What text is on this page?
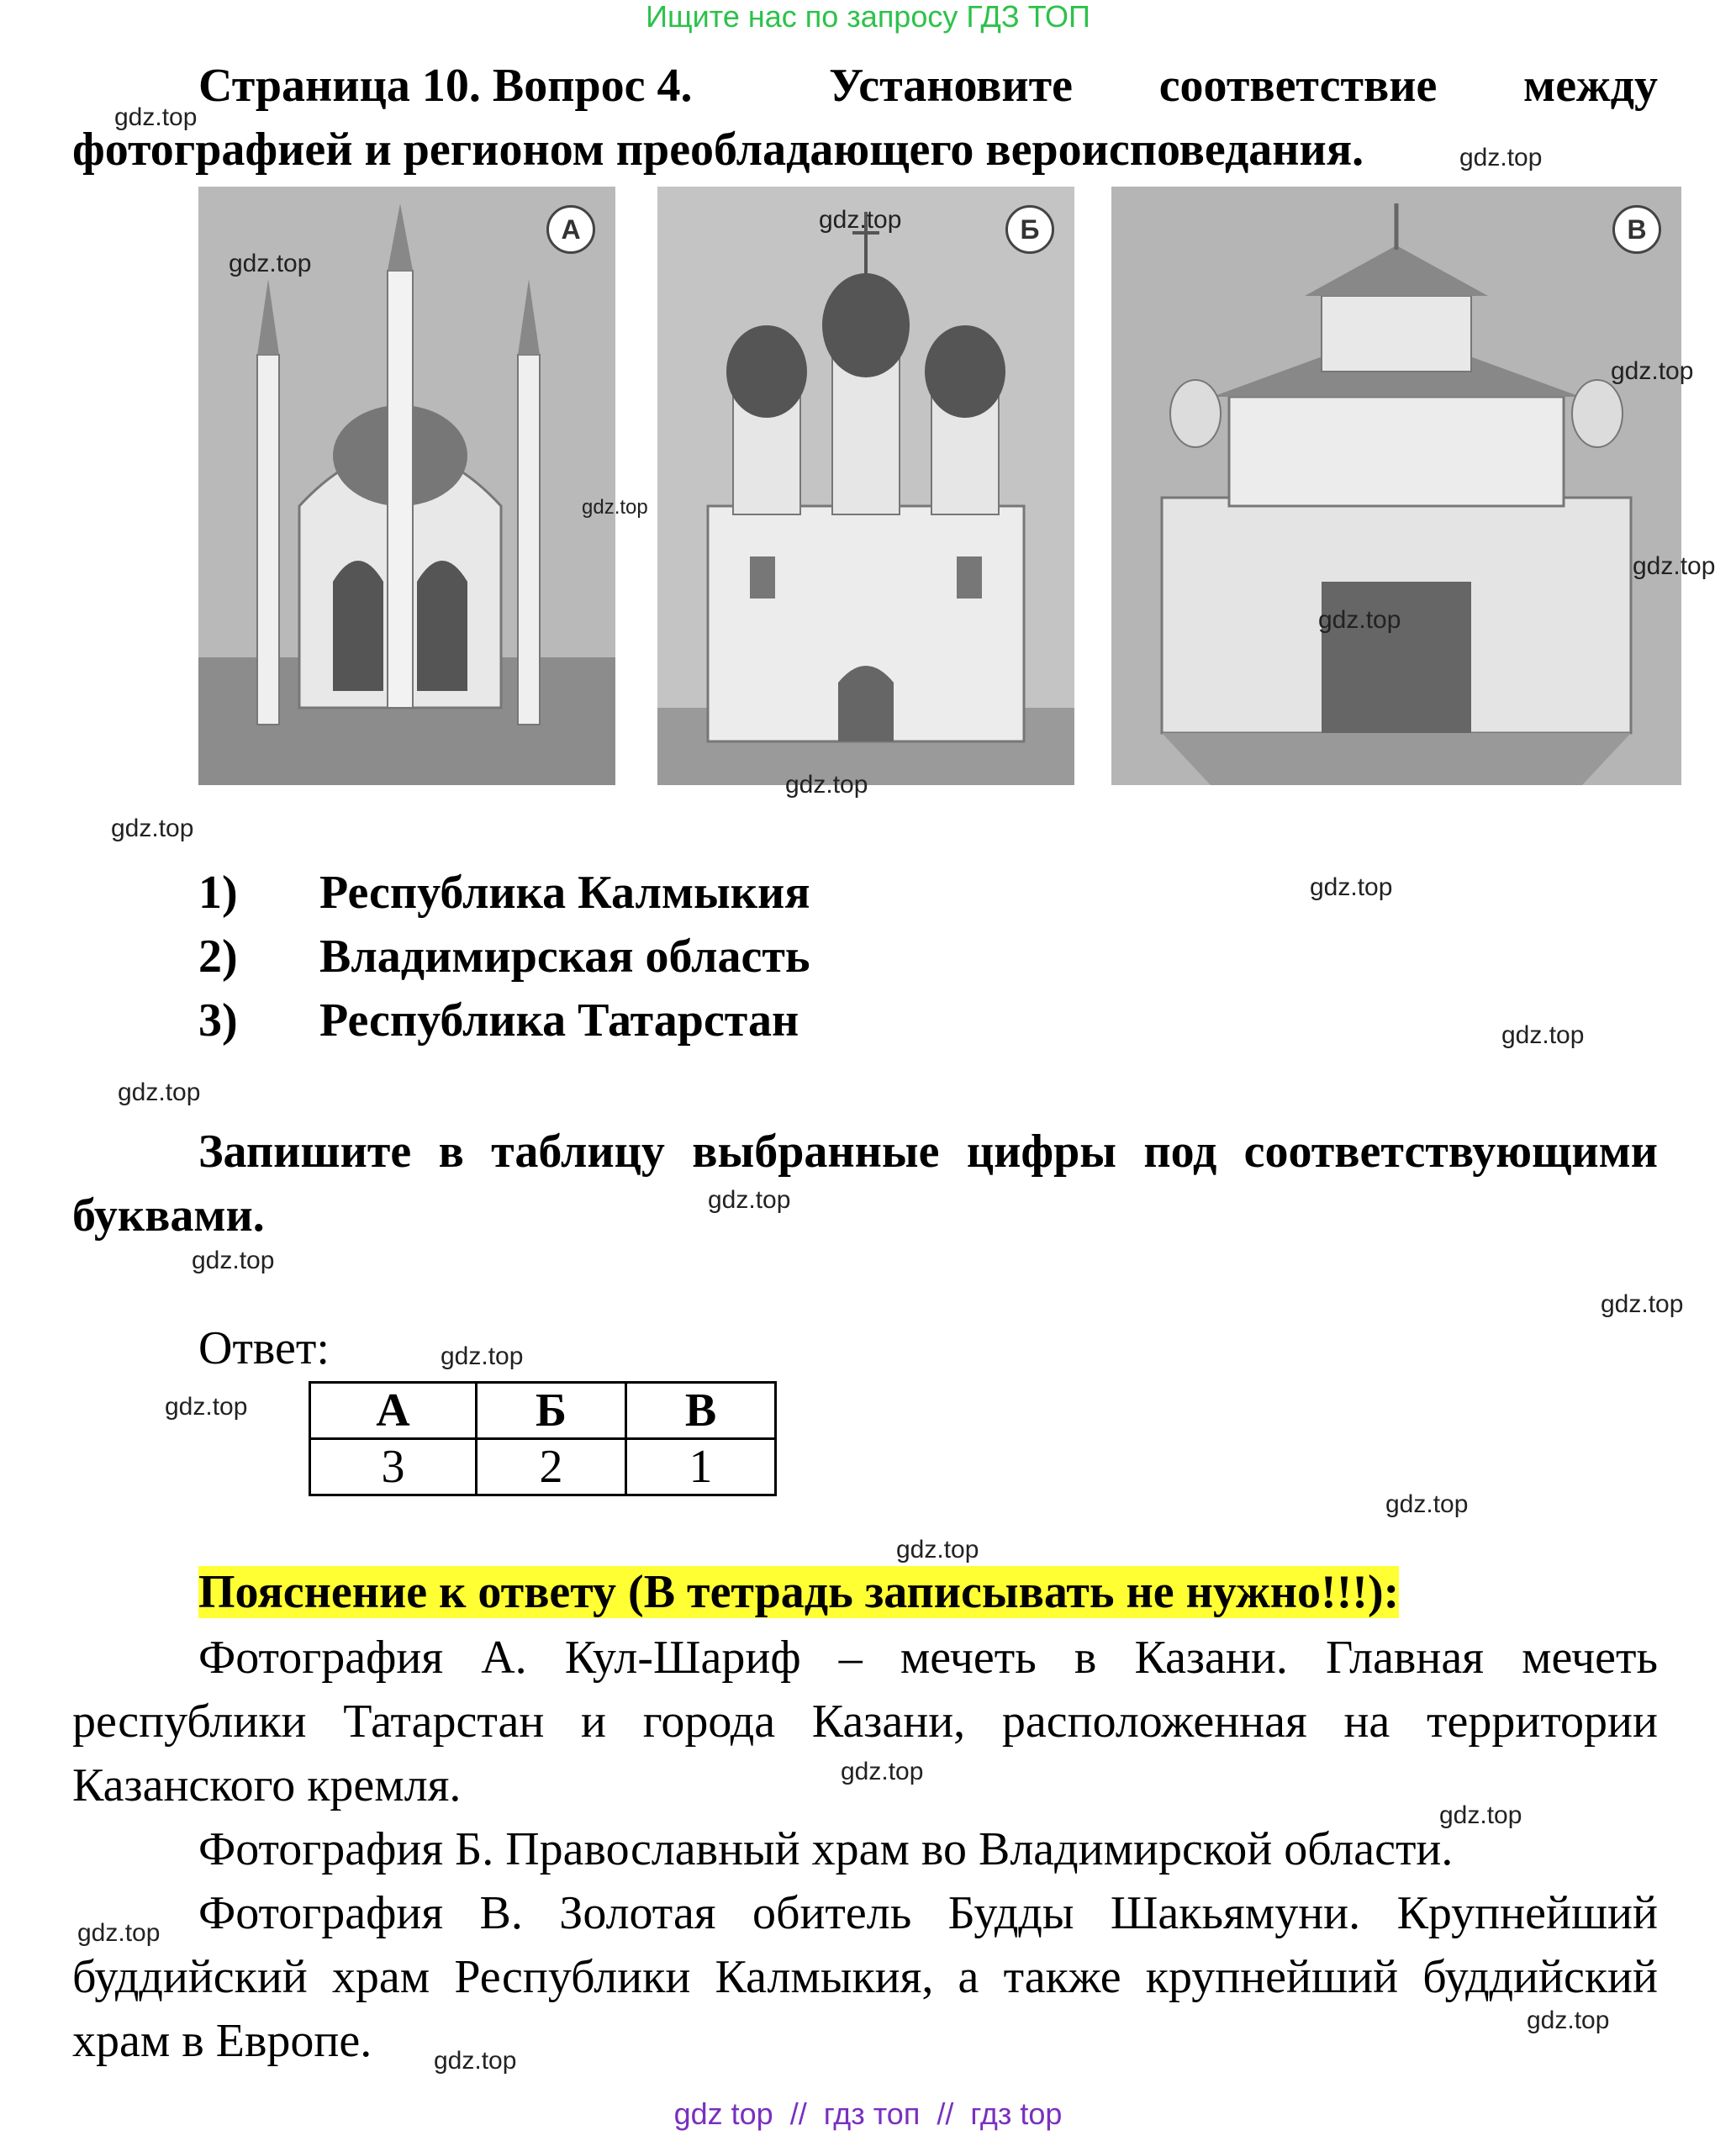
Ищите нас по запросу ГДЗ ТОП
Страница 10. Вопрос 4.	Установите соответствие между
фотографией и регионом преобладающего вероисповедания.
А	Б	В
1) Республика Калмыкия
2) Владимирская область
3) Республика Татарстан
Запишите в таблицу выбранные цифры под соответствующими
буквами.
Ответ:
А	Б	В
3	2	1
Пояснение к ответу (В тетрадь записывать не нужно!!!):
Фотография А. Кул-Шариф – мечеть в Казани. Главная мечеть республики Татарстан и города Казани, расположенная на территории Казанского кремля.
Фотография Б. Православный храм во Владимирской области.
Фотография В. Золотая обитель Будды Шакьямуни. Крупнейший буддийский храм Республики Калмыкия, а также крупнейший буддийский храм в Европе.
gdz.top
gdz.top
gdz.top
gdz.top
gdz.top
gdz.top
gdz.top
gdz.top
gdz.top
gdz.top
gdz.top
gdz.top
gdz.top
gdz.top
gdz.top
gdz.top
gdz.top
gdz.top
gdz.top
gdz.top
gdz.top
gdz.top
gdz.top
gdz.top
gdz.top
gdz top  //  гдз топ  //  гдз top
